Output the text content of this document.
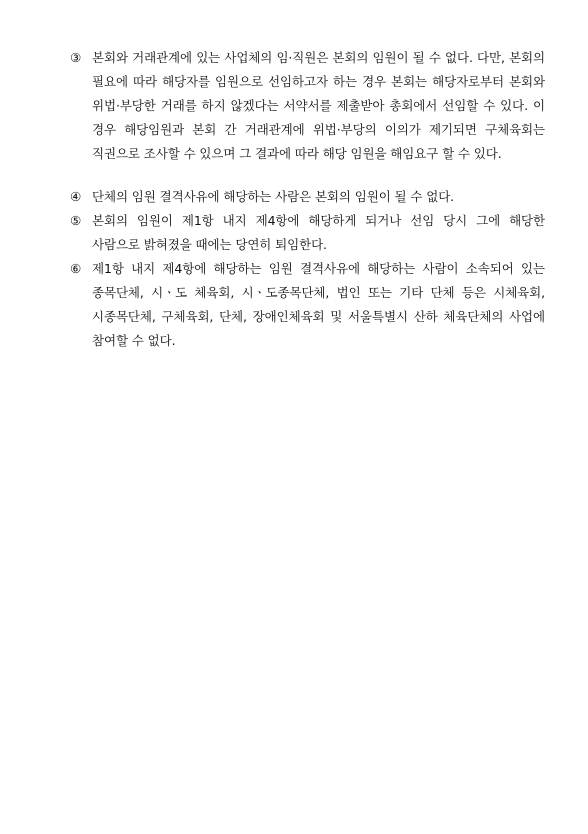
③ 본회와 거래관계에 있는 사업체의 임·직원은 본회의 임원이 될 수 없다. 다만, 본회의 필요에 따라 해당자를 임원으로 선임하고자 하는 경우 본회는 해당자로부터 본회와 위법·부당한 거래를 하지 않겠다는 서약서를 제출받아 총회에서 선임할 수 있다. 이 경우 해당임원과 본회 간 거래관계에 위법·부당의 이의가 제기되면 구체육회는 직권으로 조사할 수 있으며 그 결과에 따라 해당 임원을 해임요구 할 수 있다.
④ 단체의 임원 결격사유에 해당하는 사람은 본회의 임원이 될 수 없다.
⑤ 본회의 임원이 제1항 내지 제4항에 해당하게 되거나 선임 당시 그에 해당한 사람으로 밝혀졌을 때에는 당연히 퇴임한다.
⑥ 제1항 내지 제4항에 해당하는 임원 결격사유에 해당하는 사람이 소속되어 있는 종목단체, 시ㆍ도 체육회, 시ㆍ도종목단체, 법인 또는 기타 단체 등은 시체육회, 시종목단체, 구체육회, 단체, 장애인체육회 및 서울특별시 산하 체육단체의 사업에 참여할 수 없다.
